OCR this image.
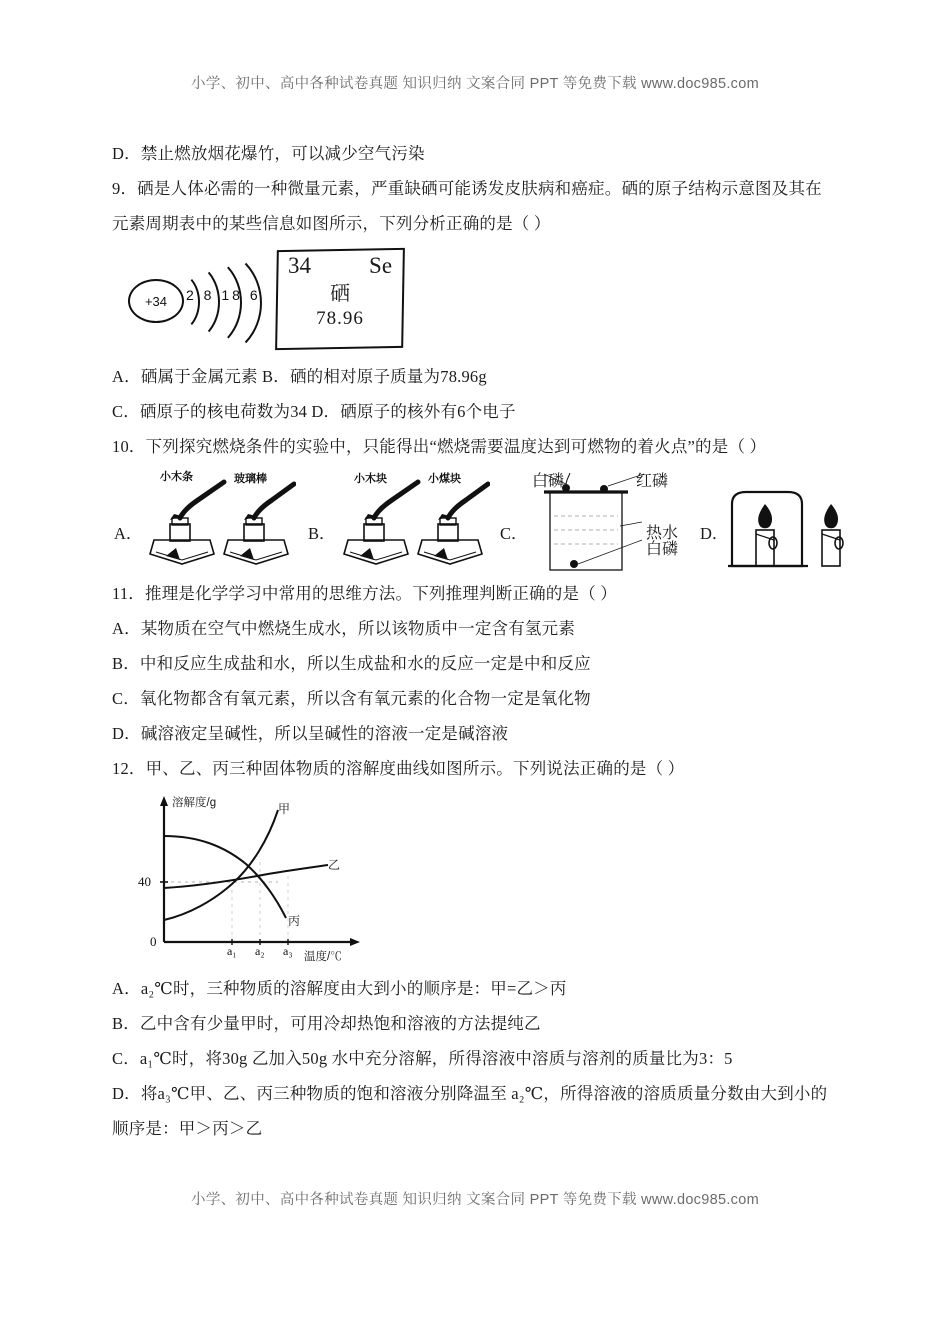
小学、初中、高中各种试卷真题 知识归纳 文案合同 PPT 等免费下载 www.doc985.com
D．禁止燃放烟花爆竹，可以减少空气污染
9．硒是人体必需的一种微量元素，严重缺硒可能诱发皮肤病和癌症。硒的原子结构示意图及其在
元素周期表中的某些信息如图所示，下列分析正确的是（ ）
+34	2 8 18 6
34	Se
硒
78.96
A．硒属于金属元素 B．硒的相对原子质量为78.96g
C．硒原子的核电荷数为34 D．硒原子的核外有6个电子
10．下列探究燃烧条件的实验中，只能得出“燃烧需要温度达到可燃物的着火点”的是（ ）
A．
小木条	玻璃棒
B．
小木块	小煤块
C．
白磷	红磷
热水
白磷
D．
11．推理是化学学习中常用的思维方法。下列推理判断正确的是（ ）
A．某物质在空气中燃烧生成水，所以该物质中一定含有氢元素
B．中和反应生成盐和水，所以生成盐和水的反应一定是中和反应
C．氧化物都含有氧元素，所以含有氧元素的化合物一定是氧化物
D．碱溶液定呈碱性，所以呈碱性的溶液一定是碱溶液
12．甲、乙、丙三种固体物质的溶解度曲线如图所示。下列说法正确的是（ ）
溶解度/g
温度/℃
40
0
a₁ a₂ a₃
甲
乙
丙
A．a₂℃时，三种物质的溶解度由大到小的顺序是：甲=乙＞丙
B．乙中含有少量甲时，可用冷却热饱和溶液的方法提纯乙
C．a₁℃时，将30g 乙加入50g 水中充分溶解，所得溶液中溶质与溶剂的质量比为3：5
D．将a₃℃甲、乙、丙三种物质的饱和溶液分别降温至 a₂℃，所得溶液的溶质质量分数由大到小的
顺序是：甲＞丙＞乙
小学、初中、高中各种试卷真题 知识归纳 文案合同 PPT 等免费下载 www.doc985.com
